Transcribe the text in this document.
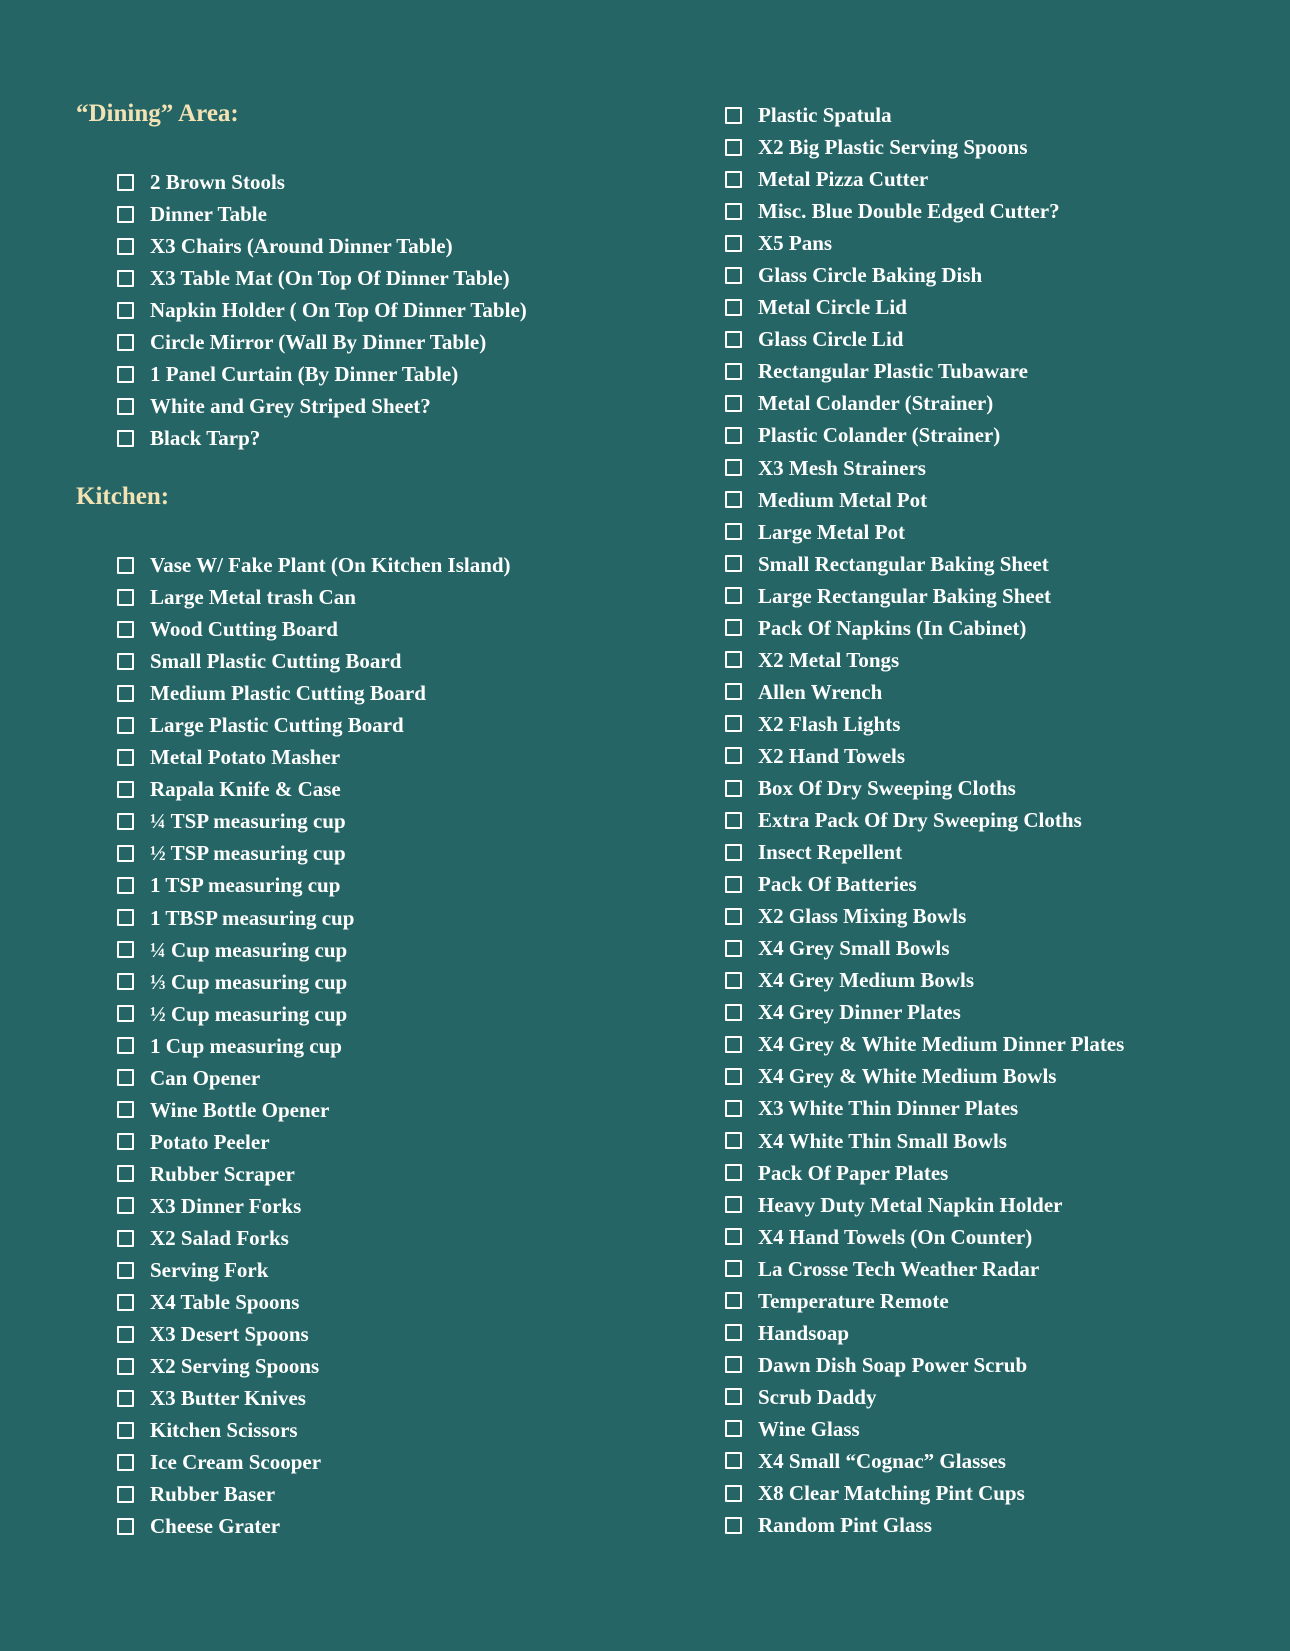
“Dining” Area:
2 Brown Stools
Dinner Table
X3 Chairs (Around Dinner Table)
X3 Table Mat (On Top Of Dinner Table)
Napkin Holder ( On Top Of Dinner Table)
Circle Mirror (Wall By Dinner Table)
1 Panel Curtain (By Dinner Table)
White and Grey Striped Sheet?
Black Tarp?
Kitchen:
Vase W/ Fake Plant (On Kitchen Island)
Large Metal trash Can
Wood Cutting Board
Small Plastic Cutting Board
Medium Plastic Cutting Board
Large Plastic Cutting Board
Metal Potato Masher
Rapala Knife & Case
¼ TSP measuring cup
½ TSP measuring cup
1 TSP measuring cup
1 TBSP measuring cup
¼ Cup measuring cup
⅓ Cup measuring cup
½ Cup measuring cup
1 Cup measuring cup
Can Opener
Wine Bottle Opener
Potato Peeler
Rubber Scraper
X3 Dinner Forks
X2 Salad Forks
Serving Fork
X4 Table Spoons
X3 Desert Spoons
X2 Serving Spoons
X3 Butter Knives
Kitchen Scissors
Ice Cream Scooper
Rubber Baser
Cheese Grater
Plastic Spatula
X2 Big Plastic Serving Spoons
Metal Pizza Cutter
Misc. Blue Double Edged Cutter?
X5 Pans
Glass Circle Baking Dish
Metal Circle Lid
Glass Circle Lid
Rectangular Plastic Tubaware
Metal Colander (Strainer)
Plastic Colander (Strainer)
X3 Mesh Strainers
Medium Metal Pot
Large Metal Pot
Small Rectangular Baking Sheet
Large Rectangular Baking Sheet
Pack Of Napkins (In Cabinet)
X2 Metal Tongs
Allen Wrench
X2 Flash Lights
X2 Hand Towels
Box Of Dry Sweeping Cloths
Extra Pack Of Dry Sweeping Cloths
Insect Repellent
Pack Of Batteries
X2 Glass Mixing Bowls
X4 Grey Small Bowls
X4 Grey Medium Bowls
X4 Grey Dinner Plates
X4 Grey & White Medium Dinner Plates
X4 Grey & White Medium Bowls
X3 White Thin Dinner Plates
X4 White Thin Small Bowls
Pack Of Paper Plates
Heavy Duty Metal Napkin Holder
X4 Hand Towels (On Counter)
La Crosse Tech Weather Radar
Temperature Remote
Handsoap
Dawn Dish Soap Power Scrub
Scrub Daddy
Wine Glass
X4 Small “Cognac” Glasses
X8 Clear Matching Pint Cups
Random Pint Glass
